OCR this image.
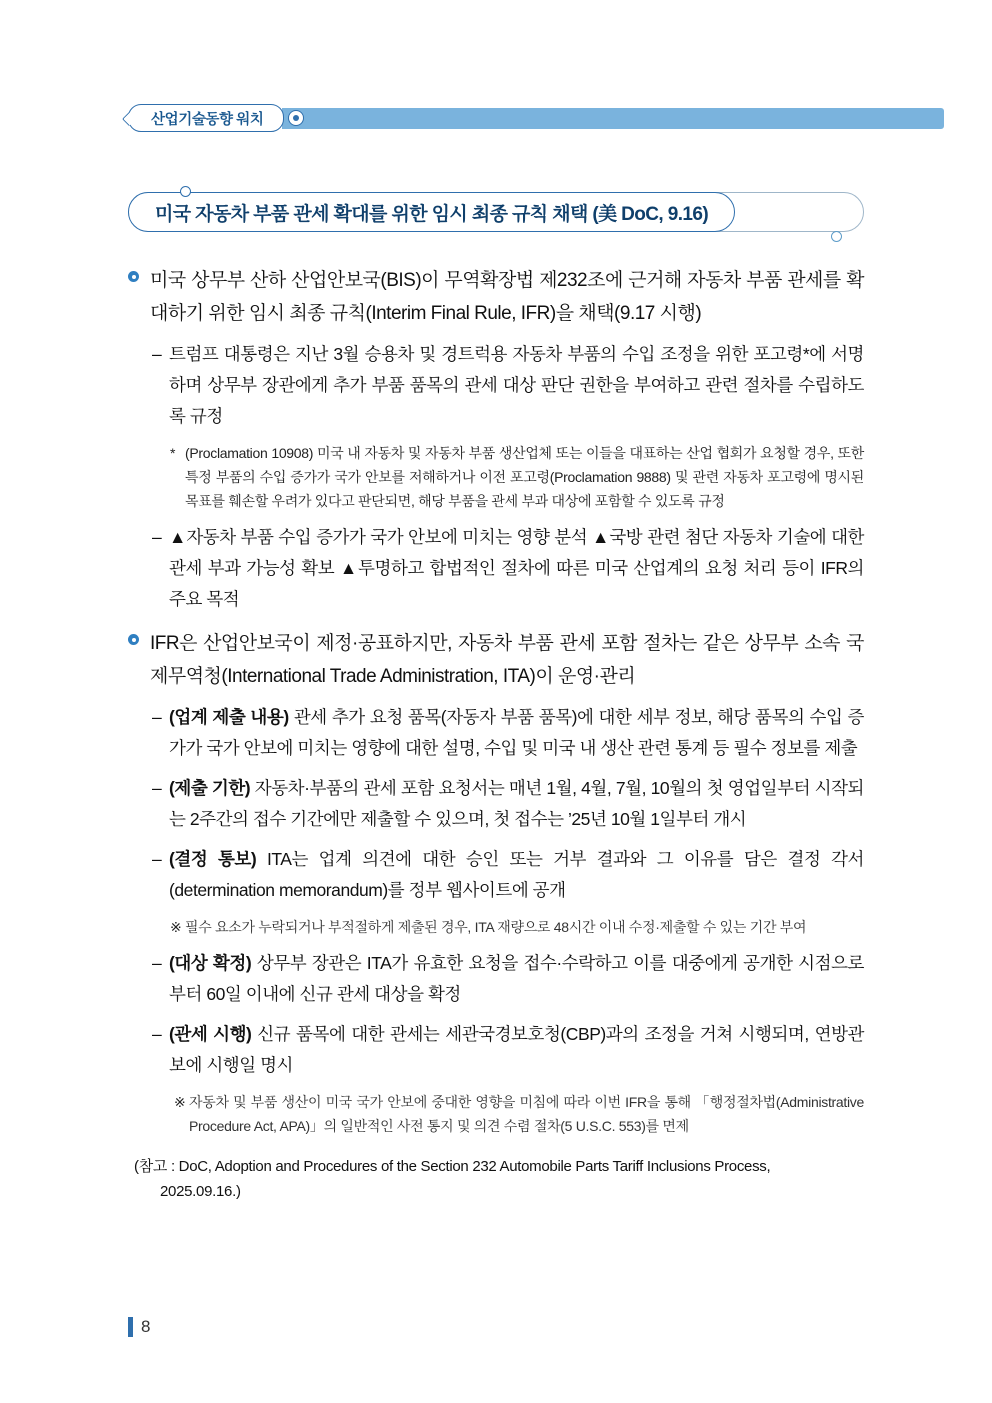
산업기술동향 워치
미국 자동차 부품 관세 확대를 위한 임시 최종 규칙 채택 (美 DoC, 9.16)
미국 상무부 산하 산업안보국(BIS)이 무역확장법 제232조에 근거해 자동차 부품 관세를 확대하기 위한 임시 최종 규칙(Interim Final Rule, IFR)을 채택(9.17 시행)
– 트럼프 대통령은 지난 3월 승용차 및 경트럭용 자동차 부품의 수입 조정을 위한 포고령*에 서명하며 상무부 장관에게 추가 부품 품목의 관세 대상 판단 권한을 부여하고 관련 절차를 수립하도록 규정
* (Proclamation 10908) 미국 내 자동차 및 자동차 부품 생산업체 또는 이들을 대표하는 산업 협회가 요청할 경우, 또한 특정 부품의 수입 증가가 국가 안보를 저해하거나 이전 포고령(Proclamation 9888) 및 관련 자동차 포고령에 명시된 목표를 훼손할 우려가 있다고 판단되면, 해당 부품을 관세 부과 대상에 포함할 수 있도록 규정
– ▲자동차 부품 수입 증가가 국가 안보에 미치는 영향 분석 ▲국방 관련 첨단 자동차 기술에 대한 관세 부과 가능성 확보 ▲투명하고 합법적인 절차에 따른 미국 산업계의 요청 처리 등이 IFR의 주요 목적
IFR은 산업안보국이 제정·공표하지만, 자동차 부품 관세 포함 절차는 같은 상무부 소속 국제무역청(International Trade Administration, ITA)이 운영·관리
– (업계 제출 내용) 관세 추가 요청 품목(자동자 부품 품목)에 대한 세부 정보, 해당 품목의 수입 증가가 국가 안보에 미치는 영향에 대한 설명, 수입 및 미국 내 생산 관련 통계 등 필수 정보를 제출
– (제출 기한) 자동차·부품의 관세 포함 요청서는 매년 1월, 4월, 7월, 10월의 첫 영업일부터 시작되는 2주간의 접수 기간에만 제출할 수 있으며, 첫 접수는 ’25년 10월 1일부터 개시
– (결정 통보) ITA는 업계 의견에 대한 승인 또는 거부 결과와 그 이유를 담은 결정 각서(determination memorandum)를 정부 웹사이트에 공개
※ 필수 요소가 누락되거나 부적절하게 제출된 경우, ITA 재량으로 48시간 이내 수정·제출할 수 있는 기간 부여
– (대상 확정) 상무부 장관은 ITA가 유효한 요청을 접수·수락하고 이를 대중에게 공개한 시점으로부터 60일 이내에 신규 관세 대상을 확정
– (관세 시행) 신규 품목에 대한 관세는 세관국경보호청(CBP)과의 조정을 거쳐 시행되며, 연방관보에 시행일 명시
※ 자동차 및 부품 생산이 미국 국가 안보에 중대한 영향을 미침에 따라 이번 IFR을 통해 「행정절차법(Administrative Procedure Act, APA)」의 일반적인 사전 통지 및 의견 수렴 절차(5 U.S.C. 553)를 면제
(참고 : DoC, Adoption and Procedures of the Section 232 Automobile Parts Tariff Inclusions Process,
2025.09.16.)
8
